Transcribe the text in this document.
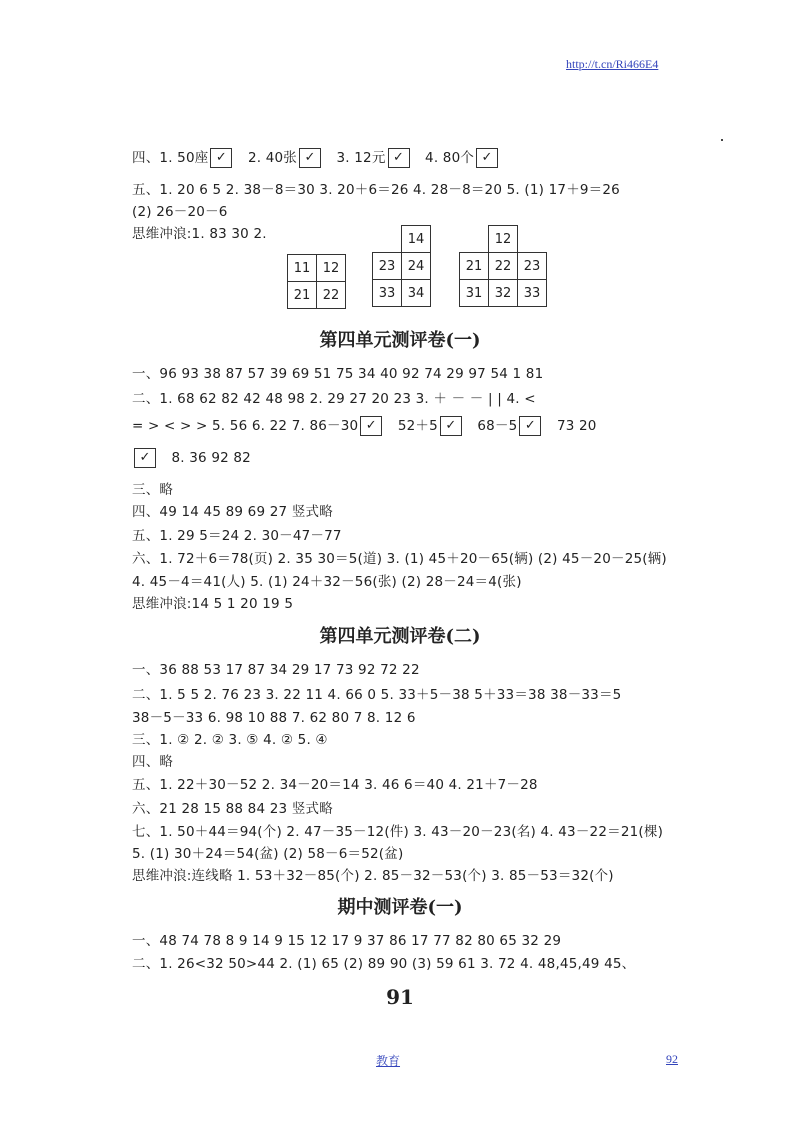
http://t.cn/Ri466E4
四、1. 50座 ✓ 2. 40张 ✓ 3. 12元 ✓ 4. 80个 ✓
五、1. 20 6 5 2. 38－8＝30 3. 20＋6＝26 4. 28－8＝20 5. (1) 17＋9＝26
(2) 26－20－6
思维冲浪:1. 83 30 2.
11	12
21	22
	14
23	24
33	34
	12	
21	22	23
31	32	33
第四单元测评卷(一)
一、96 93 38 87 57 39 69 51 75 34 40 92 74 29 97 54 1 81
二、1. 68 62 82 42 48 98 2. 29 27 20 23 3. ＋ － － | | 4. <
= > < > > 5. 56 6. 22 7. 86－30 ✓ 52＋5 ✓ 68－5 ✓ 73 20
✓ 8. 36 92 82
三、略
四、49 14 45 89 69 27 竖式略
五、1. 29 5＝24 2. 30－47－77
六、1. 72＋6＝78(页) 2. 35 30＝5(道) 3. (1) 45＋20－65(辆) (2) 45－20－25(辆)
4. 45－4＝41(人) 5. (1) 24＋32－56(张) (2) 28－24＝4(张)
思维冲浪:14 5 1 20 19 5
第四单元测评卷(二)
一、36 88 53 17 87 34 29 17 73 92 72 22
二、1. 5 5 2. 76 23 3. 22 11 4. 66 0 5. 33＋5－38 5＋33＝38 38－33＝5
38－5－33 6. 98 10 88 7. 62 80 7 8. 12 6
三、1. ② 2. ② 3. ⑤ 4. ② 5. ④
四、略
五、1. 22＋30－52 2. 34－20＝14 3. 46 6＝40 4. 21＋7－28
六、21 28 15 88 84 23 竖式略
七、1. 50＋44＝94(个) 2. 47－35－12(件) 3. 43－20－23(名) 4. 43－22＝21(棵)
5. (1) 30＋24＝54(盆) (2) 58－6＝52(盆)
思维冲浪:连线略 1. 53＋32－85(个) 2. 85－32－53(个) 3. 85－53＝32(个)
期中测评卷(一)
一、48 74 78 8 9 14 9 15 12 17 9 37 86 17 77 82 80 65 32 29
二、1. 26<32 50>44 2. (1) 65 (2) 89 90 (3) 59 61 3. 72 4. 48,45,49 45、
91
教育	92
